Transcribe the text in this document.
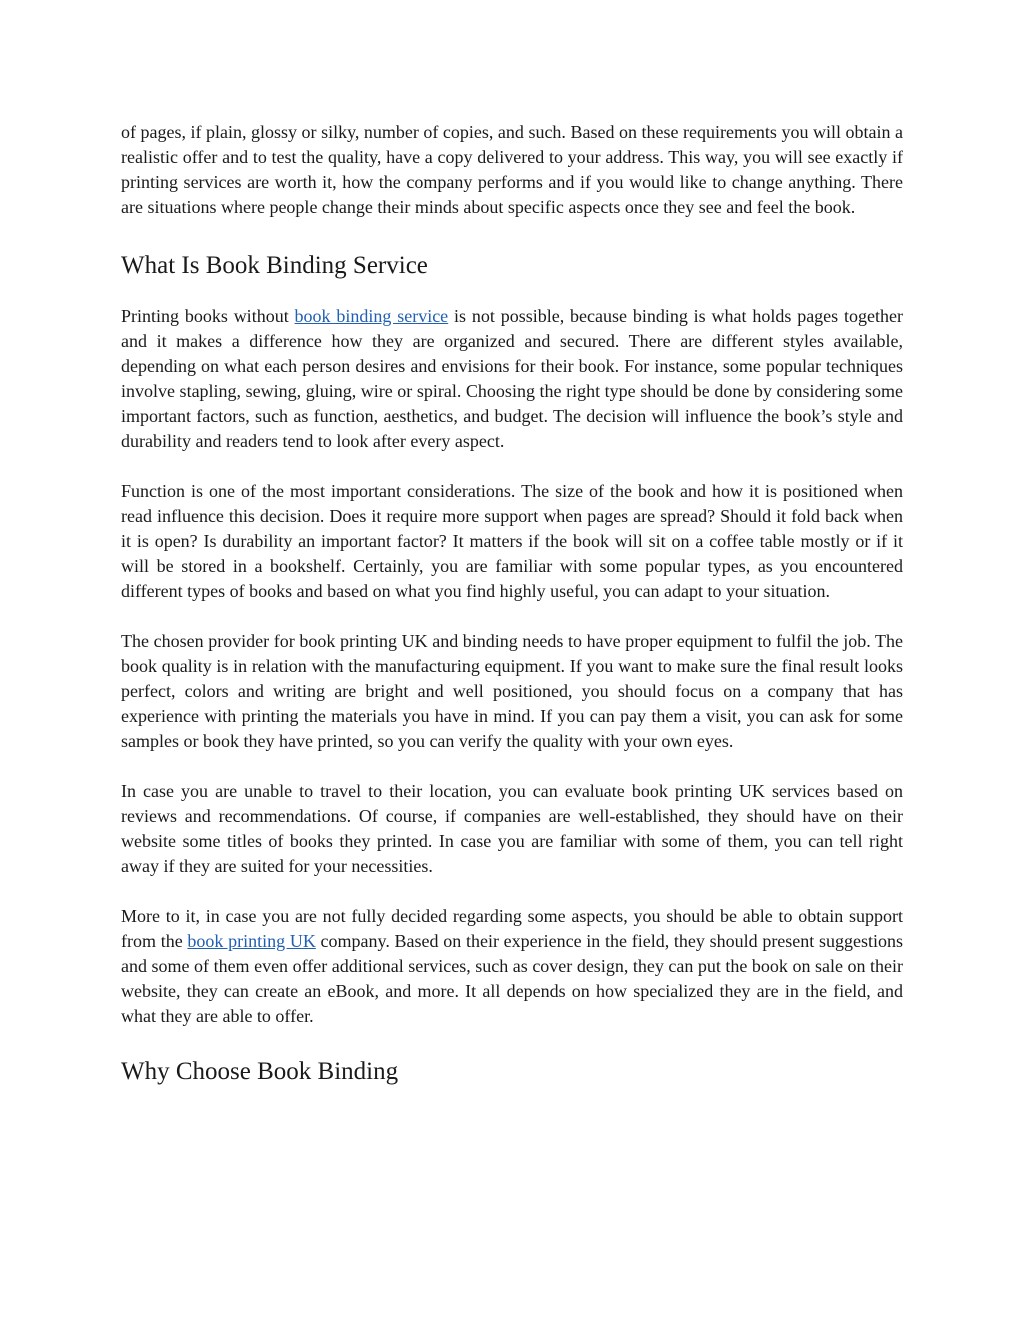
of pages, if plain, glossy or silky, number of copies, and such. Based on these requirements you will obtain a realistic offer and to test the quality, have a copy delivered to your address. This way, you will see exactly if printing services are worth it, how the company performs and if you would like to change anything. There are situations where people change their minds about specific aspects once they see and feel the book.

What Is Book Binding Service

Printing books without book binding service is not possible, because binding is what holds pages together and it makes a difference how they are organized and secured. There are different styles available, depending on what each person desires and envisions for their book. For instance, some popular techniques involve stapling, sewing, gluing, wire or spiral. Choosing the right type should be done by considering some important factors, such as function, aesthetics, and budget. The decision will influence the book’s style and durability and readers tend to look after every aspect.

Function is one of the most important considerations. The size of the book and how it is positioned when read influence this decision. Does it require more support when pages are spread? Should it fold back when it is open? Is durability an important factor? It matters if the book will sit on a coffee table mostly or if it will be stored in a bookshelf. Certainly, you are familiar with some popular types, as you encountered different types of books and based on what you find highly useful, you can adapt to your situation.

The chosen provider for book printing UK and binding needs to have proper equipment to fulfil the job. The book quality is in relation with the manufacturing equipment. If you want to make sure the final result looks perfect, colors and writing are bright and well positioned, you should focus on a company that has experience with printing the materials you have in mind. If you can pay them a visit, you can ask for some samples or book they have printed, so you can verify the quality with your own eyes.

In case you are unable to travel to their location, you can evaluate book printing UK services based on reviews and recommendations. Of course, if companies are well-established, they should have on their website some titles of books they printed. In case you are familiar with some of them, you can tell right away if they are suited for your necessities.

More to it, in case you are not fully decided regarding some aspects, you should be able to obtain support from the book printing UK company. Based on their experience in the field, they should present suggestions and some of them even offer additional services, such as cover design, they can put the book on sale on their website, they can create an eBook, and more. It all depends on how specialized they are in the field, and what they are able to offer.

Why Choose Book Binding
